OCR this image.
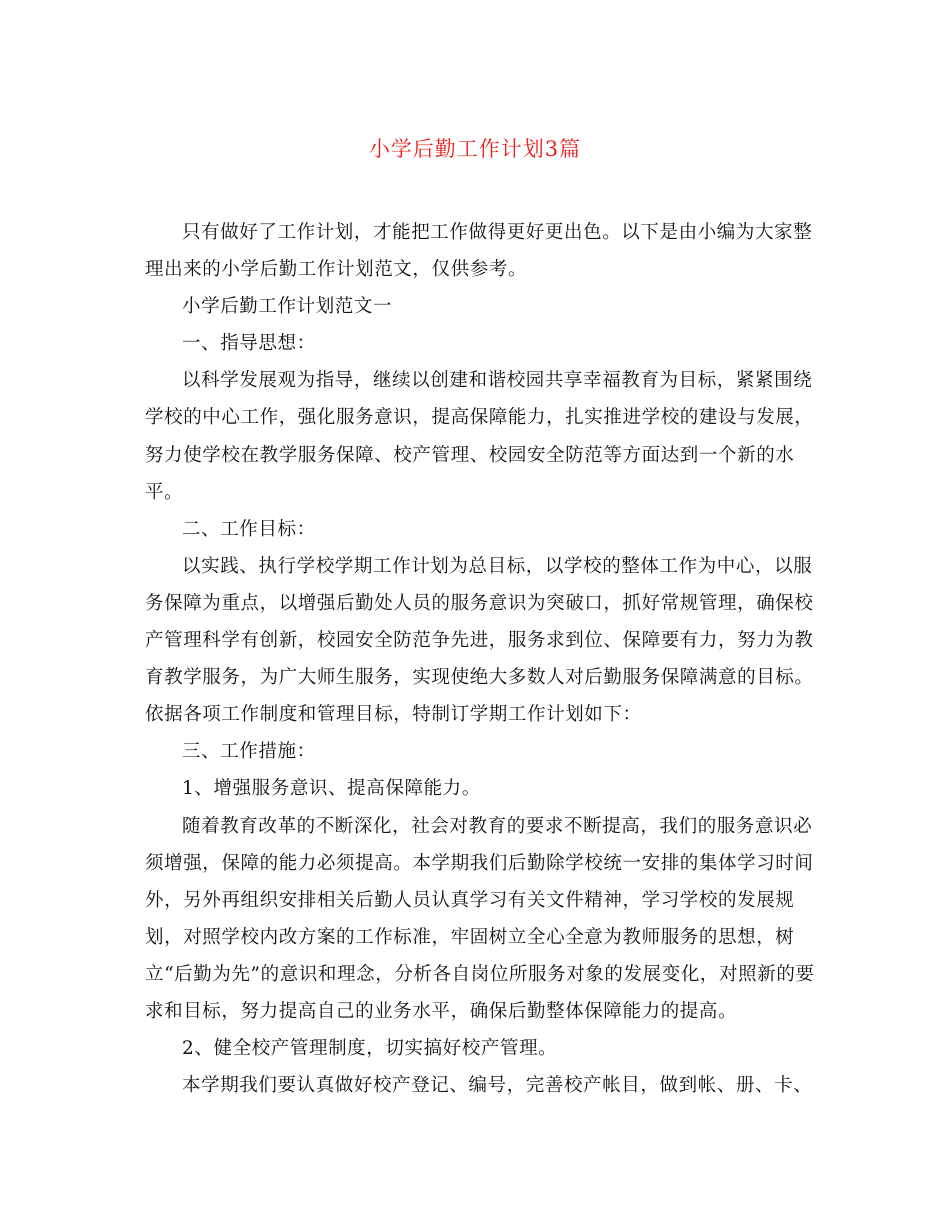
小学后勤工作计划3篇

只有做好了工作计划，才能把工作做得更好更出色。以下是由小编为大家整
理出来的小学后勤工作计划范文，仅供参考。

小学后勤工作计划范文一

一、指导思想：

以科学发展观为指导，继续以创建和谐校园共享幸福教育为目标，紧紧围绕
学校的中心工作，强化服务意识，提高保障能力，扎实推进学校的建设与发展，
努力使学校在教学服务保障、校产管理、校园安全防范等方面达到一个新的水
平。

二、工作目标：

以实践、执行学校学期工作计划为总目标，以学校的整体工作为中心，以服
务保障为重点，以增强后勤处人员的服务意识为突破口，抓好常规管理，确保校
产管理科学有创新，校园安全防范争先进，服务求到位、保障要有力，努力为教
育教学服务，为广大师生服务，实现使绝大多数人对后勤服务保障满意的目标。
依据各项工作制度和管理目标，特制订学期工作计划如下：

三、工作措施：

1、增强服务意识、提高保障能力。

随着教育改革的不断深化，社会对教育的要求不断提高，我们的服务意识必
须增强，保障的能力必须提高。本学期我们后勤除学校统一安排的集体学习时间
外，另外再组织安排相关后勤人员认真学习有关文件精神，学习学校的发展规
划，对照学校内改方案的工作标准，牢固树立全心全意为教师服务的思想，树
立“后勤为先”的意识和理念，分析各自岗位所服务对象的发展变化，对照新的要
求和目标，努力提高自己的业务水平，确保后勤整体保障能力的提高。

2、健全校产管理制度，切实搞好校产管理。

本学期我们要认真做好校产登记、编号，完善校产帐目，做到帐、册、卡、
